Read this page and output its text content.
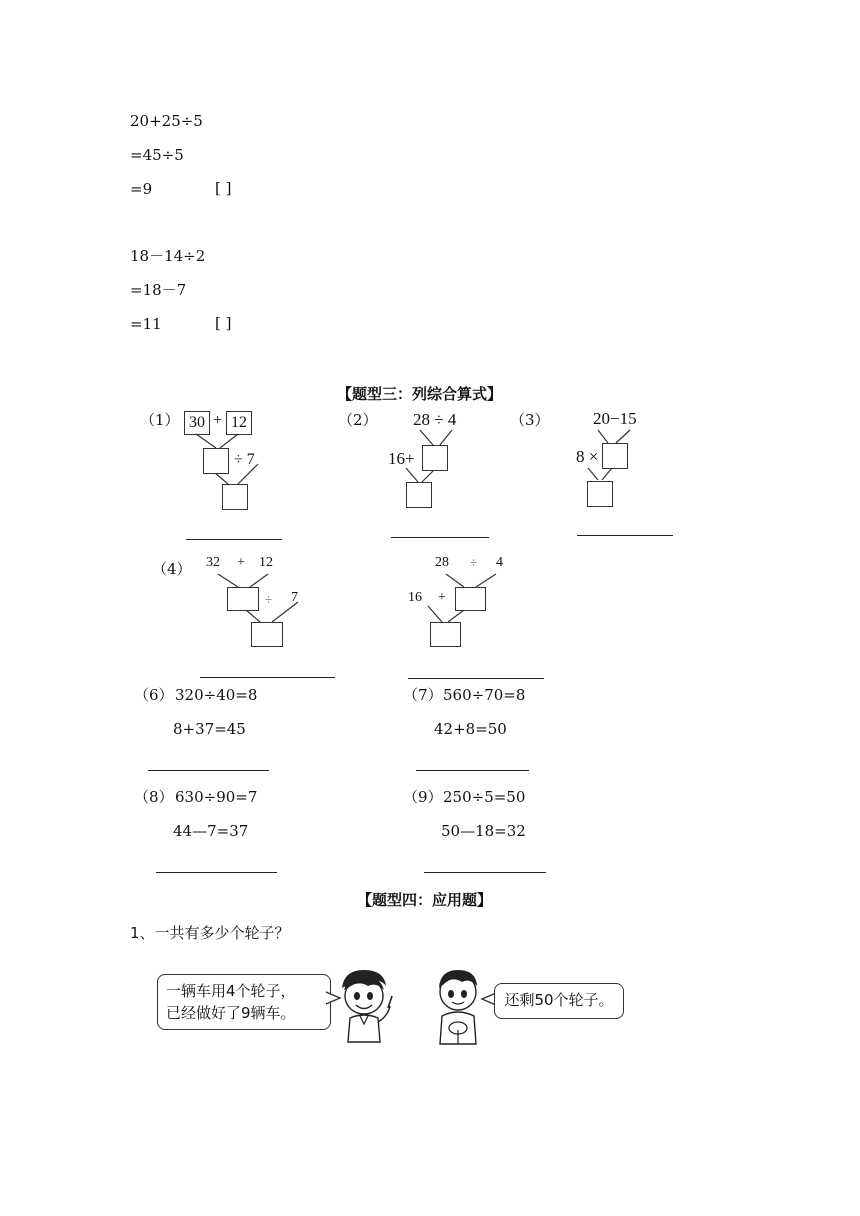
20+25÷5
=45÷5
=9	[ ]
18－14÷2
=18－7
=11	[ ]
【题型三：列综合算式】
（1） 30 + 12
÷ 7
（2） 28 ÷ 4
16+
（3）	20−15
8 ×
（4） 32 + 12
÷ 7
28 ÷ 4
16 +
（6） 320÷40=8
8+37=45
（7） 560÷70=8
42+8=50
（8） 630÷90=7
44—7=37
（9） 250÷5=50
50—18=32
【题型四：应用题】
1、一共有多少个轮子？
一辆车用4个轮子，
已经做好了9辆车。
还剩50个轮子。
